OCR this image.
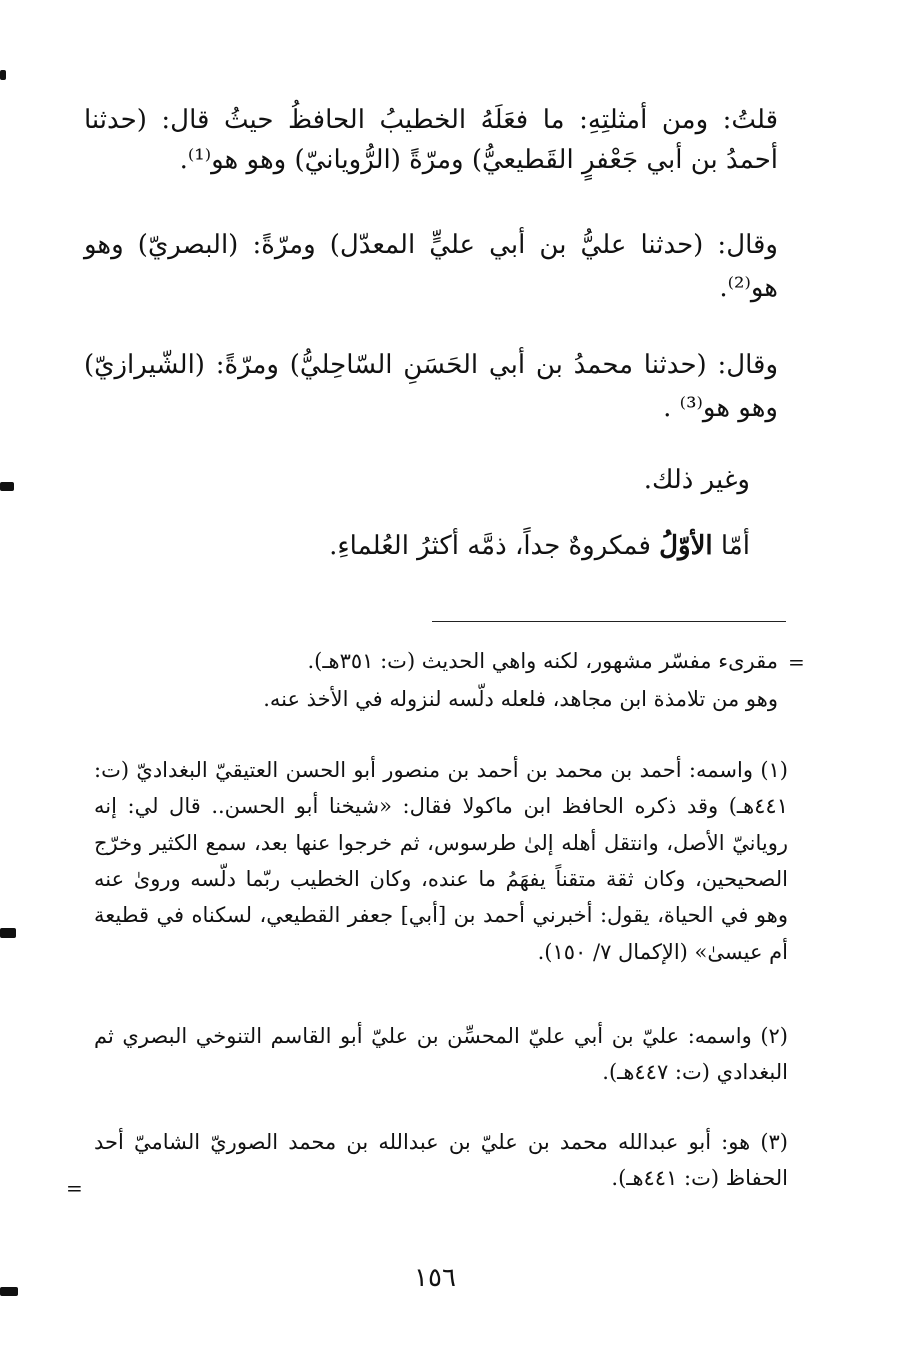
قلتُ: ومن أمثلتِهِ: ما فعَلَهُ الخطيبُ الحافظُ حيثُ قال: (حدثنا أحمدُ بن أبي جَعْفرٍ القَطيعيُّ) ومرّةً (الرُّويانيّ) وهو هو⁽¹⁾.

وقال: (حدثنا عليُّ بن أبي عليٍّ المعدّل) ومرّةً: (البصريّ) وهو هو⁽²⁾.

وقال: (حدثنا محمدُ بن أبي الحَسَنِ السّاحِليُّ) ومرّةً: (الشّيرازيّ) وهو هو⁽³⁾ .

وغير ذلك.

أمّا الأوّلُ فمكروهٌ جداً، ذمَّه أكثرُ العُلماءِ.

=

مقرىء مفسّر مشهور، لكنه واهي الحديث (ت: ٣٥١هـ).

وهو من تلامذة ابن مجاهد، فلعله دلّسه لنزوله في الأخذ عنه.

(١) واسمه: أحمد بن محمد بن أحمد بن منصور أبو الحسن العتيقيّ البغداديّ (ت: ٤٤١هـ) وقد ذكره الحافظ ابن ماكولا فقال: «شيخنا أبو الحسن.. قال لي: إنه رويانيّ الأصل، وانتقل أهله إلىٰ طرسوس، ثم خرجوا عنها بعد، سمع الكثير وخرّج الصحيحين، وكان ثقة متقناً يفهَمُ ما عنده، وكان الخطيب ربّما دلّسه وروىٰ عنه وهو في الحياة، يقول: أخبرني أحمد بن [أبي] جعفر القطيعي، لسكناه في قطيعة أم عيسىٰ» (الإكمال ٧/ ١٥٠).

(٢) واسمه: عليّ بن أبي عليّ المحسِّن بن عليّ أبو القاسم التنوخي البصري ثم البغدادي (ت: ٤٤٧هـ).

(٣) هو: أبو عبدالله محمد بن عليّ بن عبدالله بن محمد الصوريّ الشاميّ أحد الحفاظ (ت: ٤٤١هـ).

=
١٥٦
